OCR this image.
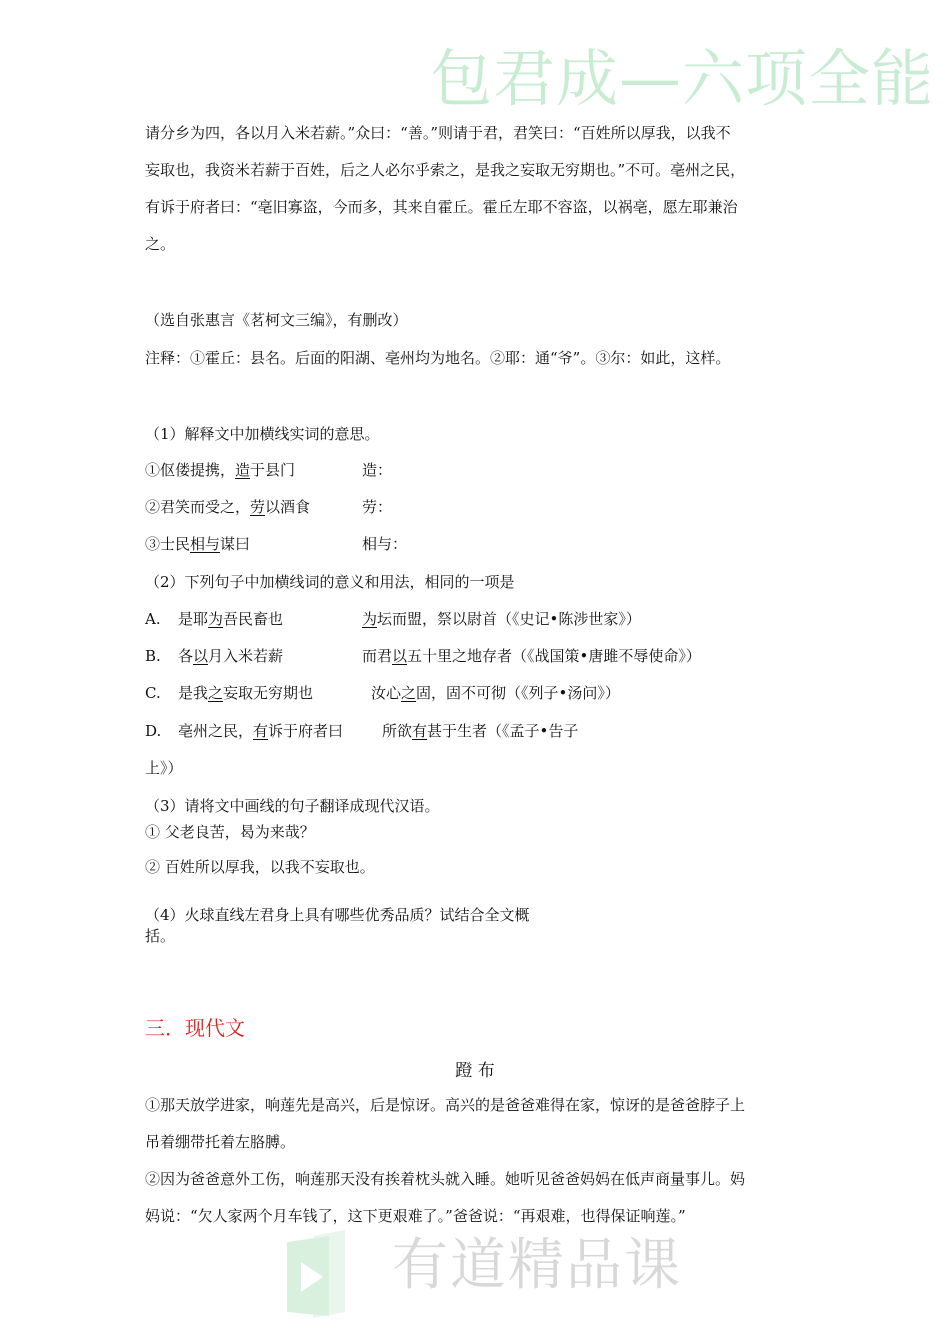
包君成—六项全能
请分乡为四，各以月入米若薪。”众曰：“善。”则请于君，君笑曰：“百姓所以厚我，以我不
妄取也，我资米若薪于百姓，后之人必尔乎索之，是我之妄取无穷期也。”不可。亳州之民，
有诉于府者曰：“亳旧寡盗，今而多，其来自霍丘。霍丘左耶不容盗，以祸亳，愿左耶兼治
之。
（选自张惠言《茗柯文三编》，有删改）
注释：①霍丘：县名。后面的阳湖、亳州均为地名。②耶：通“爷”。③尔：如此，这样。
（1）解释文中加横线实词的意思。
①伛偻提携，造于县门	造：
②君笑而受之，劳以酒食	劳：
③士民相与谋曰	相与：
（2）下列句子中加横线词的意义和用法，相同的一项是
A. 是耶为吾民畜也	为坛而盟，祭以尉首（《史记•陈涉世家》）
B. 各以月入米若薪	而君以五十里之地存者（《战国策•唐雎不辱使命》）
C. 是我之妄取无穷期也	汝心之固，固不可彻（《列子•汤问》）
D. 亳州之民，有诉于府者曰	所欲有甚于生者（《孟子•告子
上》）
（3）请将文中画线的句子翻译成现代汉语。
① 父老良苦，曷为来哉？
② 百姓所以厚我，以我不妄取也。
（4）火球直线左君身上具有哪些优秀品质？试结合全文概
括。
三．现代文
蹬 布
①那天放学进家，响莲先是高兴，后是惊讶。高兴的是爸爸难得在家，惊讶的是爸爸脖子上
吊着绷带托着左胳膊。
②因为爸爸意外工伤，响莲那天没有挨着枕头就入睡。她听见爸爸妈妈在低声商量事儿。妈
妈说：“欠人家两个月车钱了，这下更艰难了。”爸爸说：“再艰难，也得保证响莲。”
有道精品课
